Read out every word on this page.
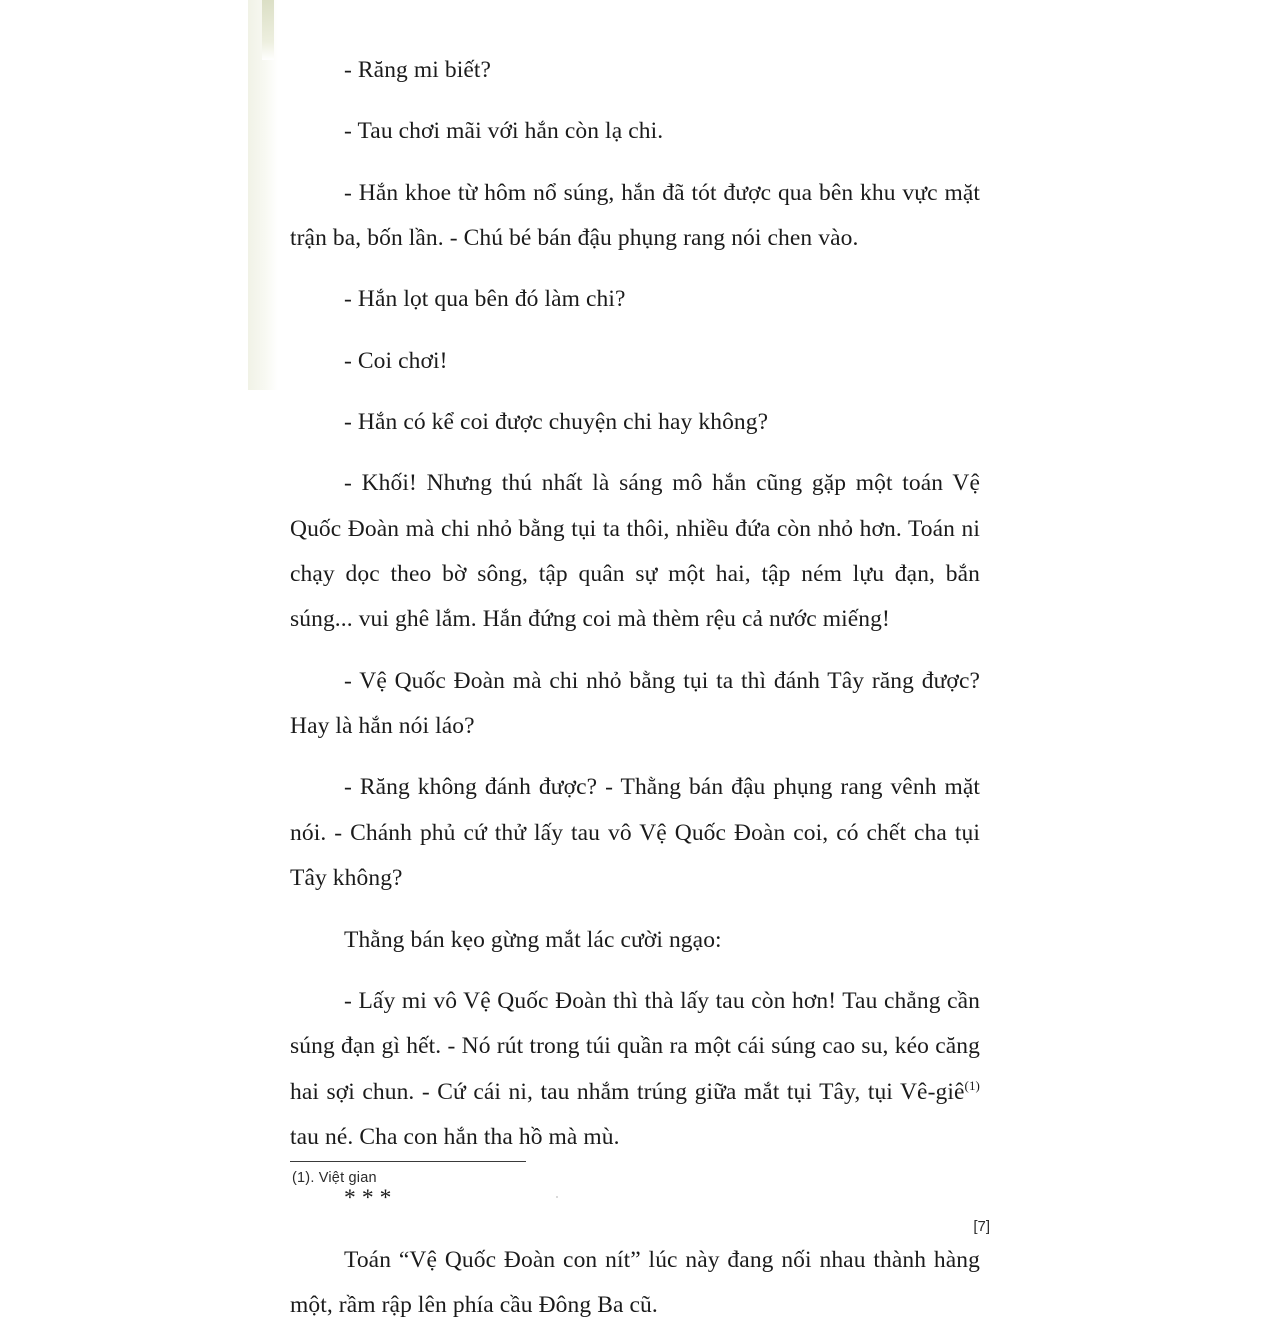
- Răng mi biết?

- Tau chơi mãi với hắn còn lạ chi.

- Hắn khoe từ hôm nổ súng, hắn đã tót được qua bên khu vực mặt trận ba, bốn lần. - Chú bé bán đậu phụng rang nói chen vào.

- Hắn lọt qua bên đó làm chi?

- Coi chơi!

- Hắn có kể coi được chuyện chi hay không?

- Khối! Nhưng thú nhất là sáng mô hắn cũng gặp một toán Vệ Quốc Đoàn mà chi nhỏ bằng tụi ta thôi, nhiều đứa còn nhỏ hơn. Toán ni chạy dọc theo bờ sông, tập quân sự một hai, tập ném lựu đạn, bắn súng... vui ghê lắm. Hắn đứng coi mà thèm rệu cả nước miếng!

- Vệ Quốc Đoàn mà chi nhỏ bằng tụi ta thì đánh Tây răng được? Hay là hắn nói láo?

- Răng không đánh được? - Thằng bán đậu phụng rang vênh mặt nói. - Chánh phủ cứ thử lấy tau vô Vệ Quốc Đoàn coi, có chết cha tụi Tây không?

Thằng bán kẹo gừng mắt lác cười ngạo:

- Lấy mi vô Vệ Quốc Đoàn thì thà lấy tau còn hơn! Tau chẳng cần súng đạn gì hết. - Nó rút trong túi quần ra một cái súng cao su, kéo căng hai sợi chun. - Cứ cái ni, tau nhắm trúng giữa mắt tụi Tây, tụi Vê-giê$^{(1)}$ tau né. Cha con hắn tha hồ mà mù.

* * *

Toán “Vệ Quốc Đoàn con nít” lúc này đang nối nhau thành hàng một, rầm rập lên phía cầu Đông Ba cũ.

(1). Việt gian
[7]
